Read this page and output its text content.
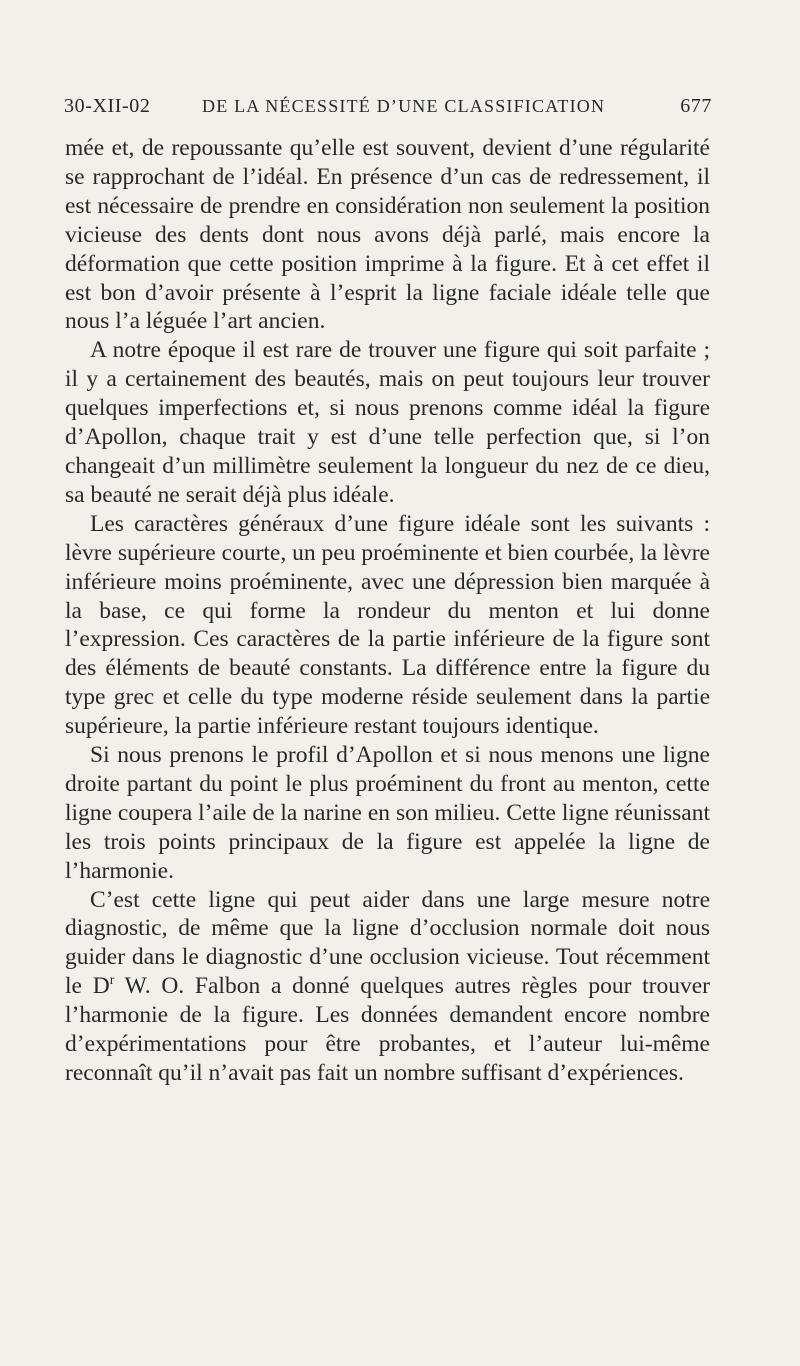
30-XII-02	DE LA NÉCESSITÉ D’UNE CLASSIFICATION	677

mée et, de repoussante qu’elle est souvent, devient d’une régularité se rapprochant de l’idéal. En présence d’un cas de redressement, il est nécessaire de prendre en considération non seulement la position vicieuse des dents dont nous avons déjà parlé, mais encore la déformation que cette position imprime à la figure. Et à cet effet il est bon d’avoir présente à l’esprit la ligne faciale idéale telle que nous l’a léguée l’art ancien.

A notre époque il est rare de trouver une figure qui soit parfaite ; il y a certainement des beautés, mais on peut toujours leur trouver quelques imperfections et, si nous prenons comme idéal la figure d’Apollon, chaque trait y est d’une telle perfection que, si l’on changeait d’un millimètre seulement la longueur du nez de ce dieu, sa beauté ne serait déjà plus idéale.

Les caractères généraux d’une figure idéale sont les suivants : lèvre supérieure courte, un peu proéminente et bien courbée, la lèvre inférieure moins proéminente, avec une dépression bien marquée à la base, ce qui forme la rondeur du menton et lui donne l’expression. Ces caractères de la partie inférieure de la figure sont des éléments de beauté constants. La différence entre la figure du type grec et celle du type moderne réside seulement dans la partie supérieure, la partie inférieure restant toujours identique.

Si nous prenons le profil d’Apollon et si nous menons une ligne droite partant du point le plus proéminent du front au menton, cette ligne coupera l’aile de la narine en son milieu. Cette ligne réunissant les trois points principaux de la figure est appelée la ligne de l’harmonie.

C’est cette ligne qui peut aider dans une large mesure notre diagnostic, de même que la ligne d’occlusion normale doit nous guider dans le diagnostic d’une occlusion vicieuse. Tout récemment le $D^r$ W. O. Falbon a donné quelques autres règles pour trouver l’harmonie de la figure. Les données demandent encore nombre d’expérimentations pour être probantes, et l’auteur lui-même reconnaît qu’il n’avait pas fait un nombre suffisant d’expériences.
